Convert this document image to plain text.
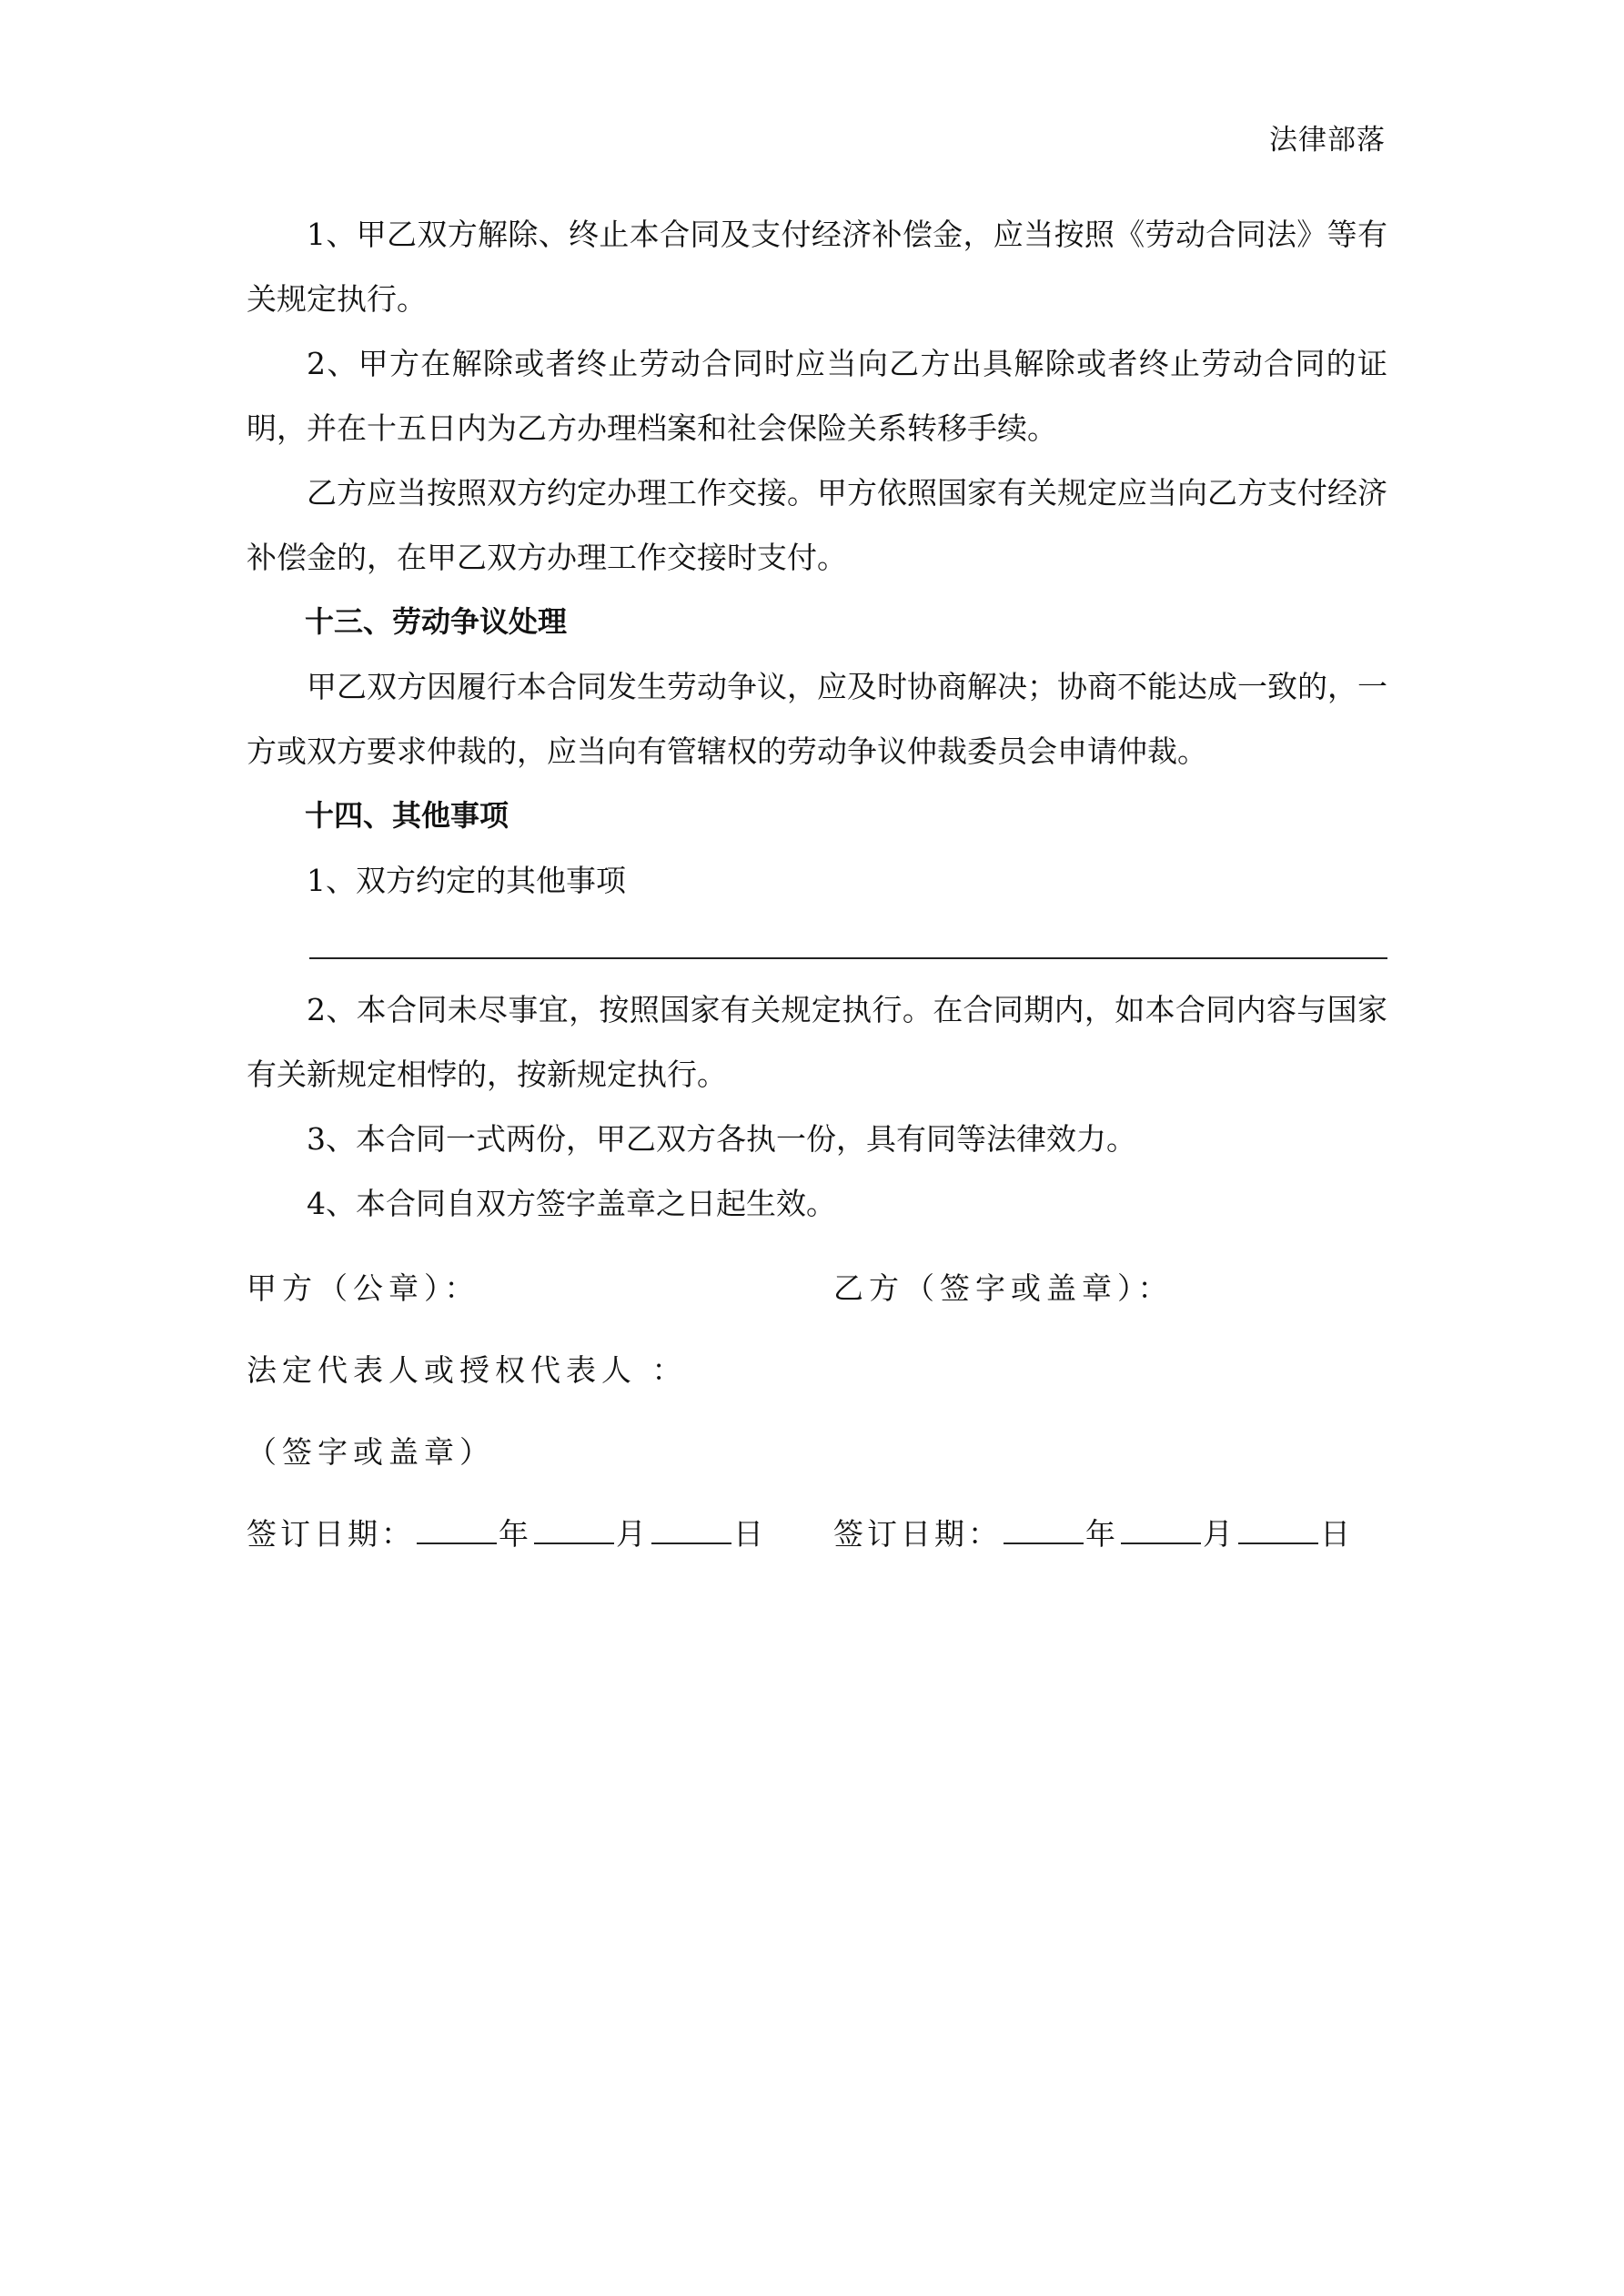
法律部落

1、甲乙双方解除、终止本合同及支付经济补偿金，应当按照《劳动合同法》等有关规定执行。

2、甲方在解除或者终止劳动合同时应当向乙方出具解除或者终止劳动合同的证明，并在十五日内为乙方办理档案和社会保险关系转移手续。

乙方应当按照双方约定办理工作交接。甲方依照国家有关规定应当向乙方支付经济补偿金的，在甲乙双方办理工作交接时支付。

十三、劳动争议处理

甲乙双方因履行本合同发生劳动争议，应及时协商解决；协商不能达成一致的，一方或双方要求仲裁的，应当向有管辖权的劳动争议仲裁委员会申请仲裁。

十四、其他事项

1、双方约定的其他事项

2、本合同未尽事宜，按照国家有关规定执行。在合同期内，如本合同内容与国家有关新规定相悖的，按新规定执行。

3、本合同一式两份，甲乙双方各执一份，具有同等法律效力。

4、本合同自双方签字盖章之日起生效。

甲方（公章）：	乙方（签字或盖章）：
法定代表人或授权代表人 ：
（签字或盖章）
签订日期：	年	月	日 签订日期：	年	月	日
